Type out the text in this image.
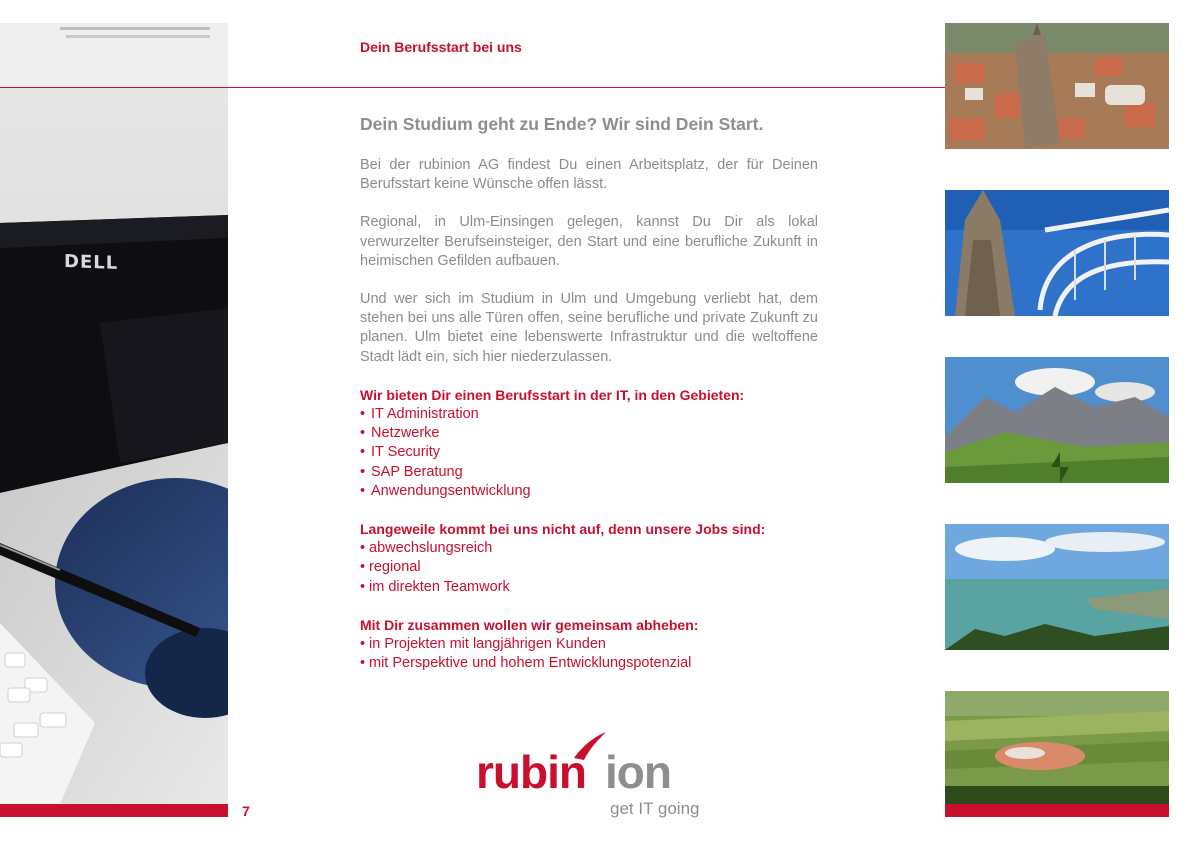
DELL
7
Dein Berufsstart bei uns
Dein Studium geht zu Ende? Wir sind Dein Start.

Bei der rubinion AG findest Du einen Arbeitsplatz, der für Deinen Berufsstart keine Wünsche offen lässt.

Regional, in Ulm-Einsingen gelegen, kannst Du Dir als lokal verwurzelter Berufseinsteiger, den Start und eine berufliche Zukunft in heimischen Gefilden aufbauen.

Und wer sich im Studium in Ulm und Umgebung verliebt hat, dem stehen bei uns alle Türen offen, seine berufliche und private Zukunft zu planen. Ulm bietet eine lebenswerte Infrastruktur und die weltoffene Stadt lädt ein, sich hier niederzulassen.

Wir bieten Dir einen Berufsstart in der IT, in den Gebieten:

• IT Administration
• Netzwerke
• IT Security
• SAP Beratung
• Anwendungsentwicklung

Langeweile kommt bei uns nicht auf, denn unsere Jobs sind:

• abwechslungsreich
• regional
• im direkten Teamwork

Mit Dir zusammen wollen wir gemeinsam abheben:

• in Projekten mit langjährigen Kunden
• mit Perspektive und hohem Entwicklungspotenzial
rubin ion
get IT going
